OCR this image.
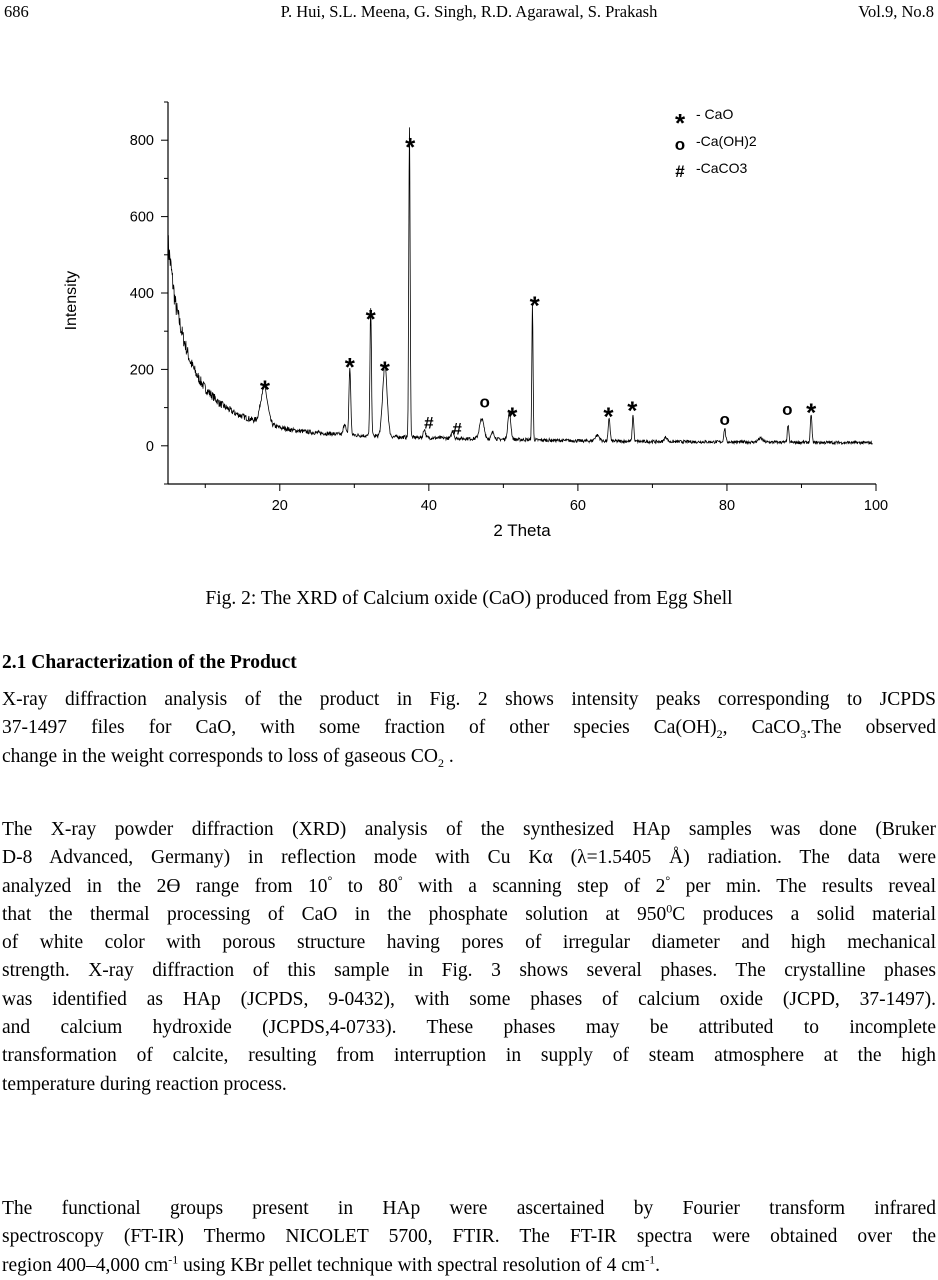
686	P. Hui, S.L. Meena, G. Singh, R.D. Agarawal, S. Prakash	Vol.9, No.8
20	40	60	80	100
0
200
400
600
800
2 Theta
Intensity
*
*
*
*
*
# #
o *
*
* *	o
o *
* - CaO
o -Ca(OH)2
# -CaCO3
Fig. 2: The XRD of Calcium oxide (CaO) produced from Egg Shell
2.1 Characterization of the Product
X-ray diffraction analysis of the product in Fig. 2 shows intensity peaks corresponding to JCPDS
37-1497 files for CaO, with some fraction of other species $Ca(OH)_2$, CaCO$_3$.The observed
change in the weight corresponds to loss of gaseous $CO_2$ .
The X-ray powder diffraction (XRD) analysis of the synthesized HAp samples was done (Bruker
D-8 Advanced, Germany) in reflection mode with Cu Kα (λ=1.5405 Å) radiation. The data were
analyzed in the 2Ө range from 10° to 80° with a scanning step of 2° per min. The results reveal
that the thermal processing of CaO in the phosphate solution at $950^0C$ produces a solid material
of white color with porous structure having pores of irregular diameter and high mechanical
strength. X-ray diffraction of this sample in Fig. 3 shows several phases. The crystalline phases
was identified as HAp (JCPDS, 9-0432), with some phases of calcium oxide (JCPD, 37-1497).
and calcium hydroxide (JCPDS,4-0733). These phases may be attributed to incomplete
transformation of calcite, resulting from interruption in supply of steam atmosphere at the high
temperature during reaction process.
The functional groups present in HAp were ascertained by Fourier transform infrared
spectroscopy (FT-IR) Thermo NICOLET 5700, FTIR. The FT-IR spectra were obtained over the
region 400–4,000 $cm^{-1}$ using KBr pellet technique with spectral resolution of 4 $cm^{-1}$.
